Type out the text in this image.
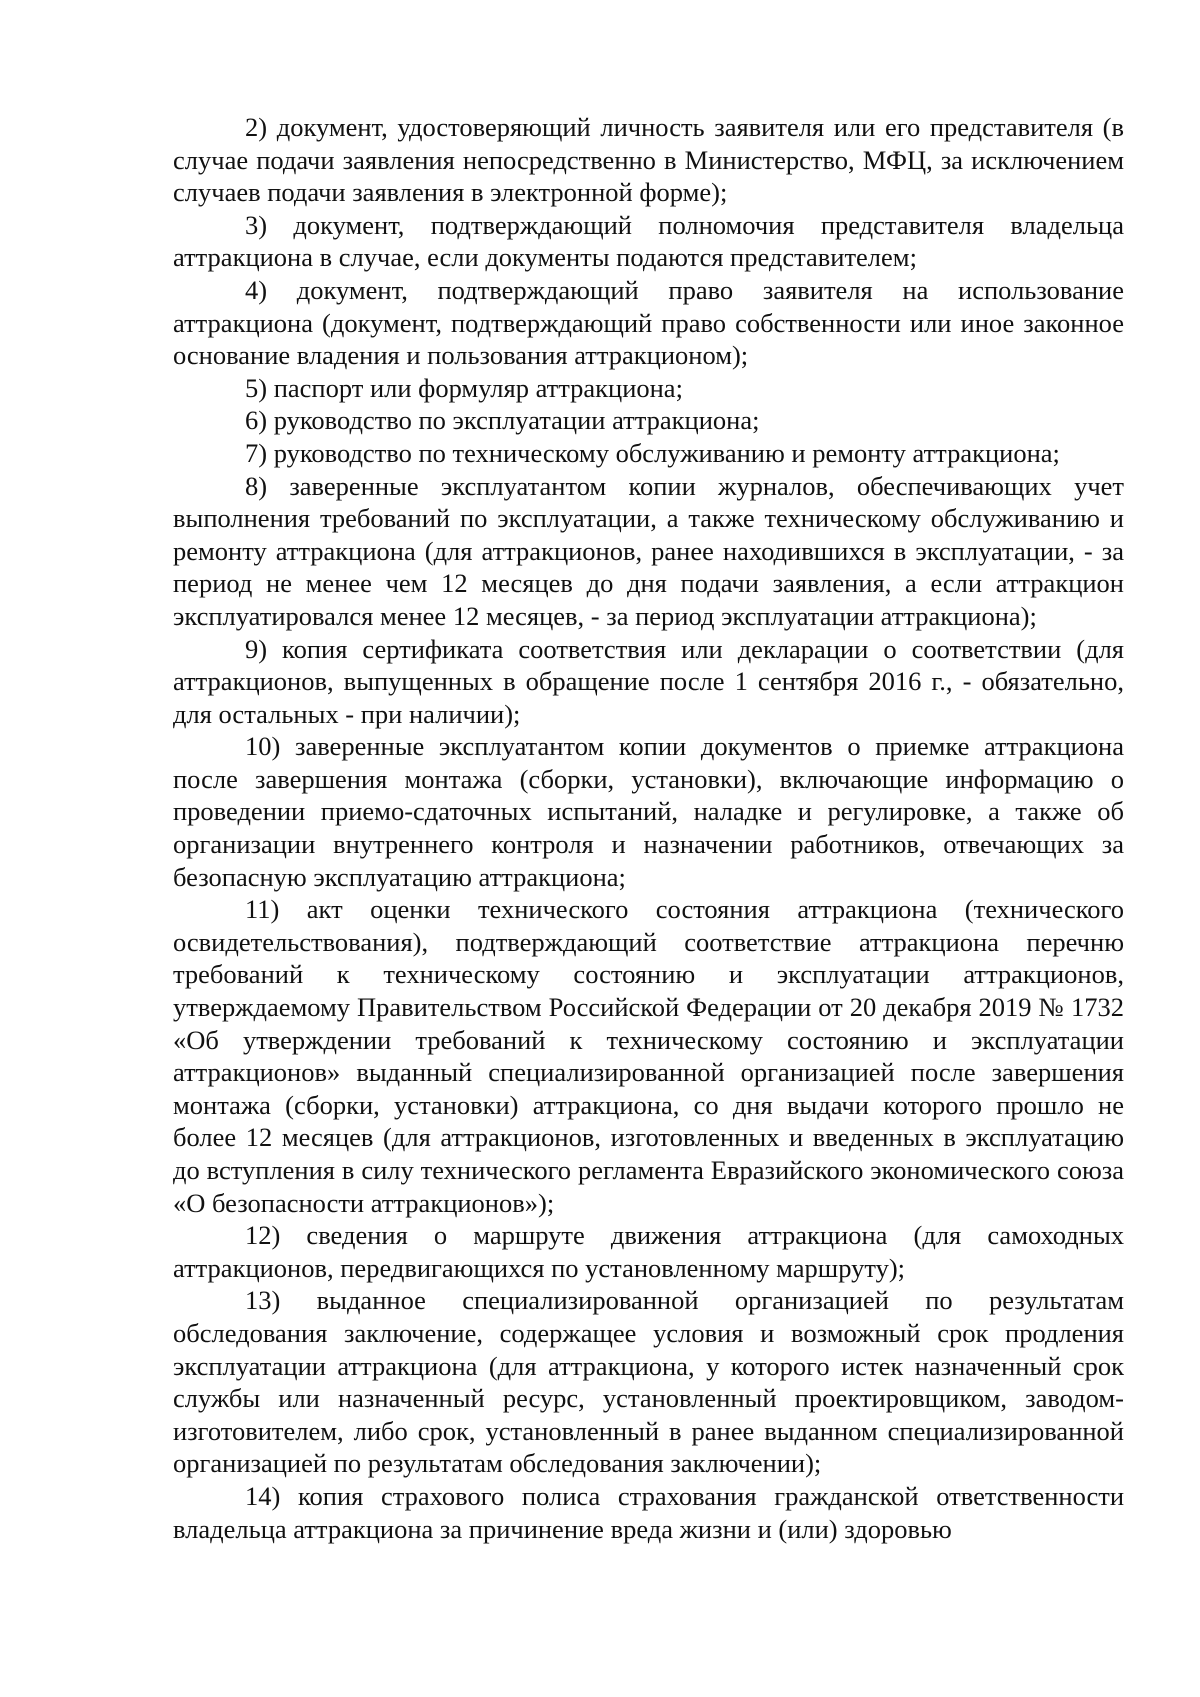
2) документ, удостоверяющий личность заявителя или его представителя (в случае подачи заявления непосредственно в Министерство, МФЦ, за исключением случаев подачи заявления в электронной форме);

3) документ, подтверждающий полномочия представителя владельца аттракциона в случае, если документы подаются представителем;

4) документ, подтверждающий право заявителя на использование аттракциона (документ, подтверждающий право собственности или иное законное основание владения и пользования аттракционом);

5) паспорт или формуляр аттракциона;

6) руководство по эксплуатации аттракциона;

7) руководство по техническому обслуживанию и ремонту аттракциона;

8) заверенные эксплуатантом копии журналов, обеспечивающих учет выполнения требований по эксплуатации, а также техническому обслуживанию и ремонту аттракциона (для аттракционов, ранее находившихся в эксплуатации, - за период не менее чем 12 месяцев до дня подачи заявления, а если аттракцион эксплуатировался менее 12 месяцев, - за период эксплуатации аттракциона);

9) копия сертификата соответствия или декларации о соответствии (для аттракционов, выпущенных в обращение после 1 сентября 2016 г., - обязательно, для остальных - при наличии);

10) заверенные эксплуатантом копии документов о приемке аттракциона после завершения монтажа (сборки, установки), включающие информацию о проведении приемо-сдаточных испытаний, наладке и регулировке, а также об организации внутреннего контроля и назначении работников, отвечающих за безопасную эксплуатацию аттракциона;

11) акт оценки технического состояния аттракциона (технического освидетельствования), подтверждающий соответствие аттракциона перечню требований к техническому состоянию и эксплуатации аттракционов, утверждаемому Правительством Российской Федерации от 20 декабря 2019 № 1732 «Об утверждении требований к техническому состоянию и эксплуатации аттракционов» выданный специализированной организацией после завершения монтажа (сборки, установки) аттракциона, со дня выдачи которого прошло не более 12 месяцев (для аттракционов, изготовленных и введенных в эксплуатацию до вступления в силу технического регламента Евразийского экономического союза «О безопасности аттракционов»);

12) сведения о маршруте движения аттракциона (для самоходных аттракционов, передвигающихся по установленному маршруту);

13) выданное специализированной организацией по результатам обследования заключение, содержащее условия и возможный срок продления эксплуатации аттракциона (для аттракциона, у которого истек назначенный срок службы или назначенный ресурс, установленный проектировщиком, заводом-изготовителем, либо срок, установленный в ранее выданном специализированной организацией по результатам обследования заключении);

14) копия страхового полиса страхования гражданской ответственности владельца аттракциона за причинение вреда жизни и (или) здоровью
